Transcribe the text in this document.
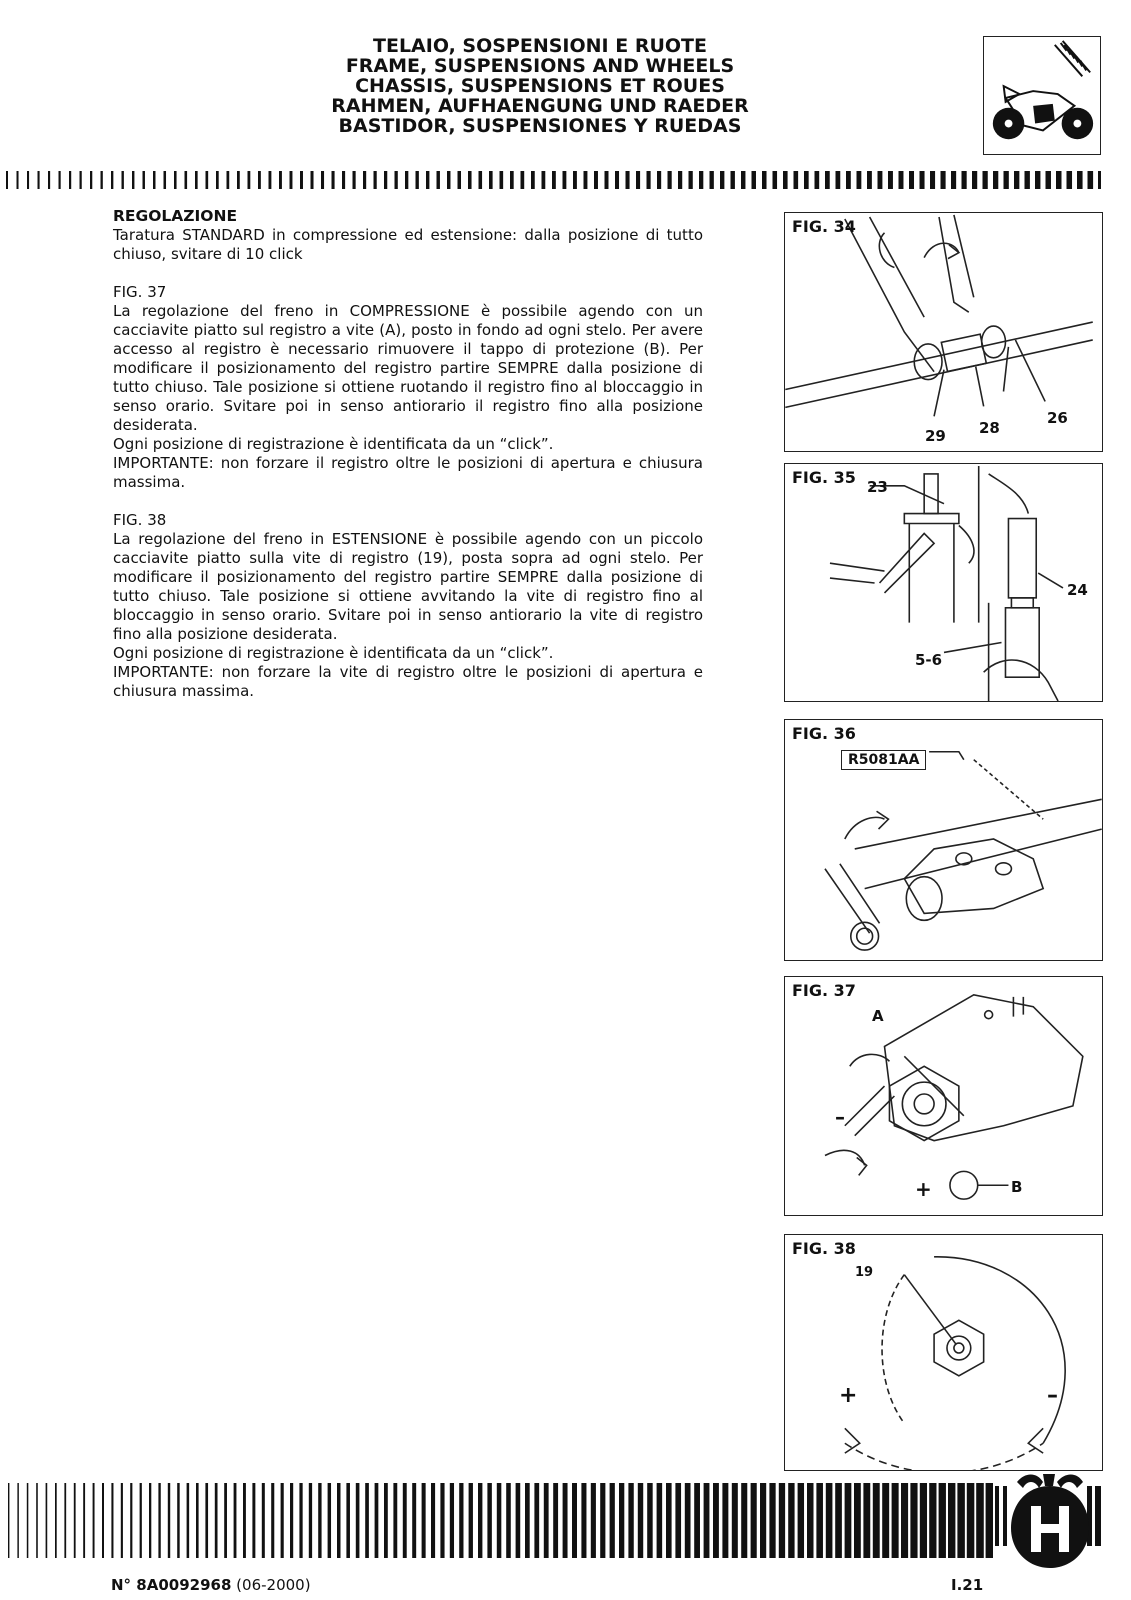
TELAIO, SOSPENSIONI E RUOTE
FRAME, SUSPENSIONS AND WHEELS
CHASSIS, SUSPENSIONS ET ROUES
RAHMEN, AUFHAENGUNG UND RAEDER
BASTIDOR, SUSPENSIONES Y RUEDAS

REGOLAZIONE

Taratura STANDARD in compressione ed estensione: dalla posizione di tutto chiuso, svitare di 10 click

FIG. 37

La regolazione del freno in COMPRESSIONE è possibile agendo con un cacciavite piatto sul registro a vite (A), posto in fondo ad ogni stelo. Per avere accesso al registro è necessario rimuovere il tappo di protezione (B). Per modificare il posizionamento del registro partire SEMPRE dalla posizione di tutto chiuso. Tale posizione si ottiene ruotando il registro fino al bloccaggio in senso orario. Svitare poi in senso antiorario il registro fino alla posizione desiderata.

Ogni posizione di registrazione è identificata da un “click”.

IMPORTANTE: non forzare il registro oltre le posizioni di apertura e chiusura massima.

FIG. 38

La regolazione del freno in ESTENSIONE è possibile agendo con un piccolo cacciavite piatto sulla vite di registro (19), posta sopra ad ogni stelo. Per modificare il posizionamento del registro partire SEMPRE dalla posizione di tutto chiuso. Tale posizione si ottiene avvitando la vite di registro fino al bloccaggio in senso orario. Svitare poi in senso antiorario la vite di registro fino alla posizione desiderata.

Ogni posizione di registrazione è identificata da un “click”.

IMPORTANTE: non forzare la vite di registro oltre le posizioni di apertura e chiusura massima.

FIG. 34
26
28
29
FIG. 35 23
24
5-6
FIG. 36
R5081AA
FIG. 37
A
B
–
+
FIG. 38
19
+	–
N° 8A0092968 (06-2000)	I.21
